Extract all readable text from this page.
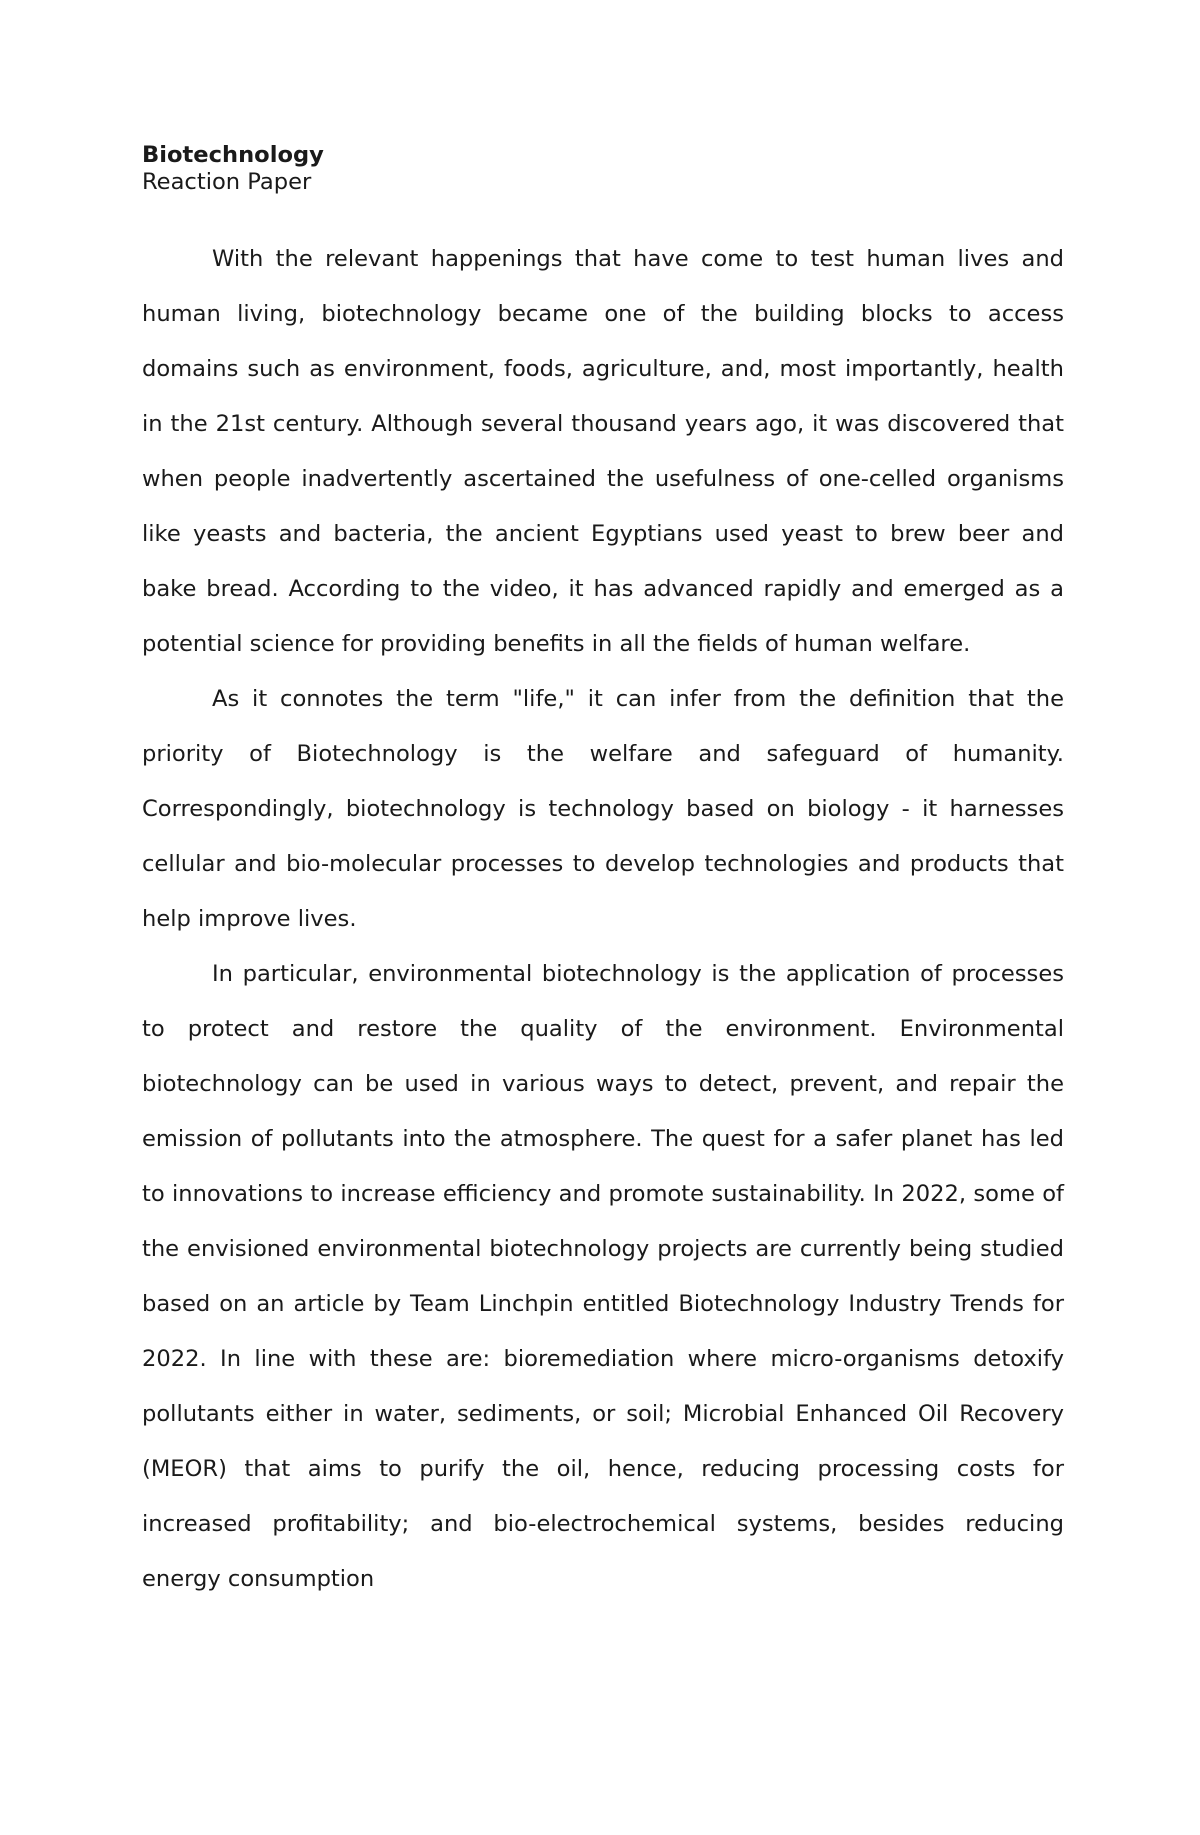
Biotechnology
Reaction Paper

With the relevant happenings that have come to test human lives and human living, biotechnology became one of the building blocks to access domains such as environment, foods, agriculture, and, most importantly, health in the 21st century. Although several thousand years ago, it was discovered that when people inadvertently ascertained the usefulness of one-celled organisms like yeasts and bacteria, the ancient Egyptians used yeast to brew beer and bake bread. According to the video, it has advanced rapidly and emerged as a potential science for providing benefits in all the fields of human welfare.

As it connotes the term "life," it can infer from the definition that the priority of Biotechnology is the welfare and safeguard of humanity. Correspondingly, biotechnology is technology based on biology - it harnesses cellular and bio-molecular processes to develop technologies and products that help improve lives.

In particular, environmental biotechnology is the application of processes to protect and restore the quality of the environment. Environmental biotechnology can be used in various ways to detect, prevent, and repair the emission of pollutants into the atmosphere. The quest for a safer planet has led to innovations to increase efficiency and promote sustainability. In 2022, some of the envisioned environmental biotechnology projects are currently being studied based on an article by Team Linchpin entitled Biotechnology Industry Trends for 2022. In line with these are: bioremediation where micro-organisms detoxify pollutants either in water, sediments, or soil; Microbial Enhanced Oil Recovery (MEOR) that aims to purify the oil, hence, reducing processing costs for increased profitability; and bio-electrochemical systems, besides reducing energy consumption
